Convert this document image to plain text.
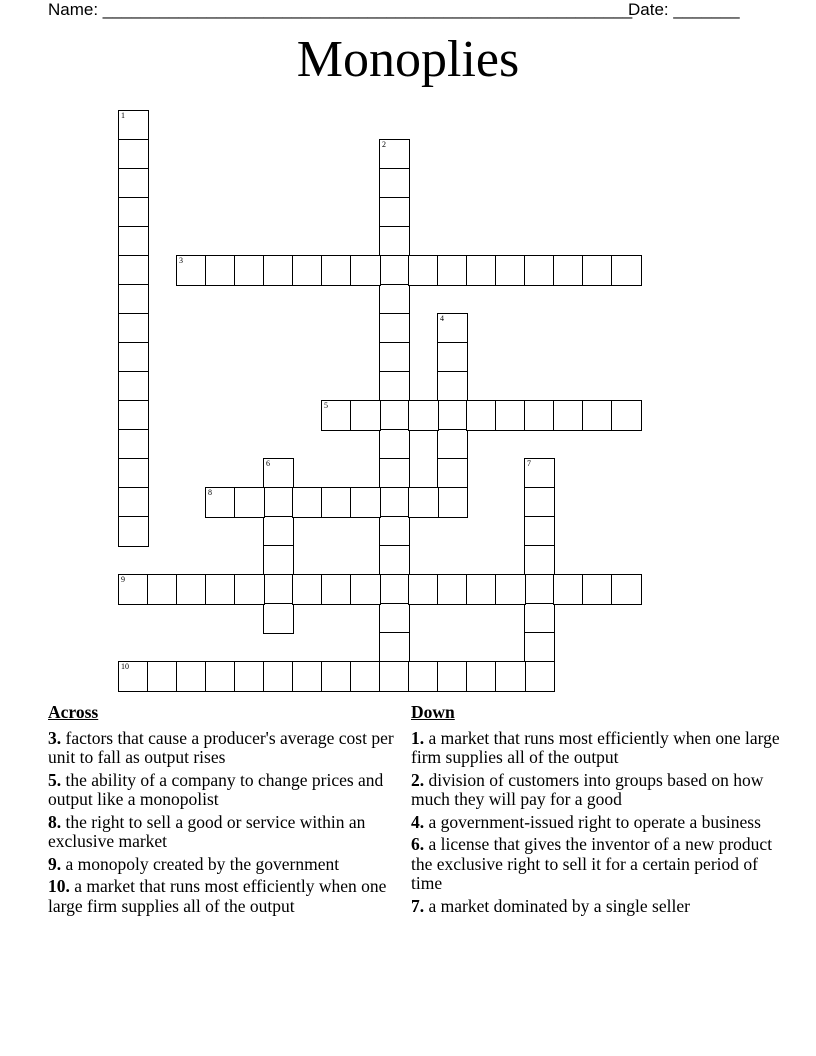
Name: ________________________________________________________
Date: _______
Monoplies
1
2
3
4
5
6	7
8
9
10
Across
3. factors that cause a producer's average cost per unit to fall as output rises
5. the ability of a company to change prices and output like a monopolist
8. the right to sell a good or service within an exclusive market
9. a monopoly created by the government
10. a market that runs most efficiently when one large firm supplies all of the output
Down
1. a market that runs most efficiently when one large firm supplies all of the output
2. division of customers into groups based on how much they will pay for a good
4. a government-issued right to operate a business
6. a license that gives the inventor of a new product the exclusive right to sell it for a certain period of time
7. a market dominated by a single seller
